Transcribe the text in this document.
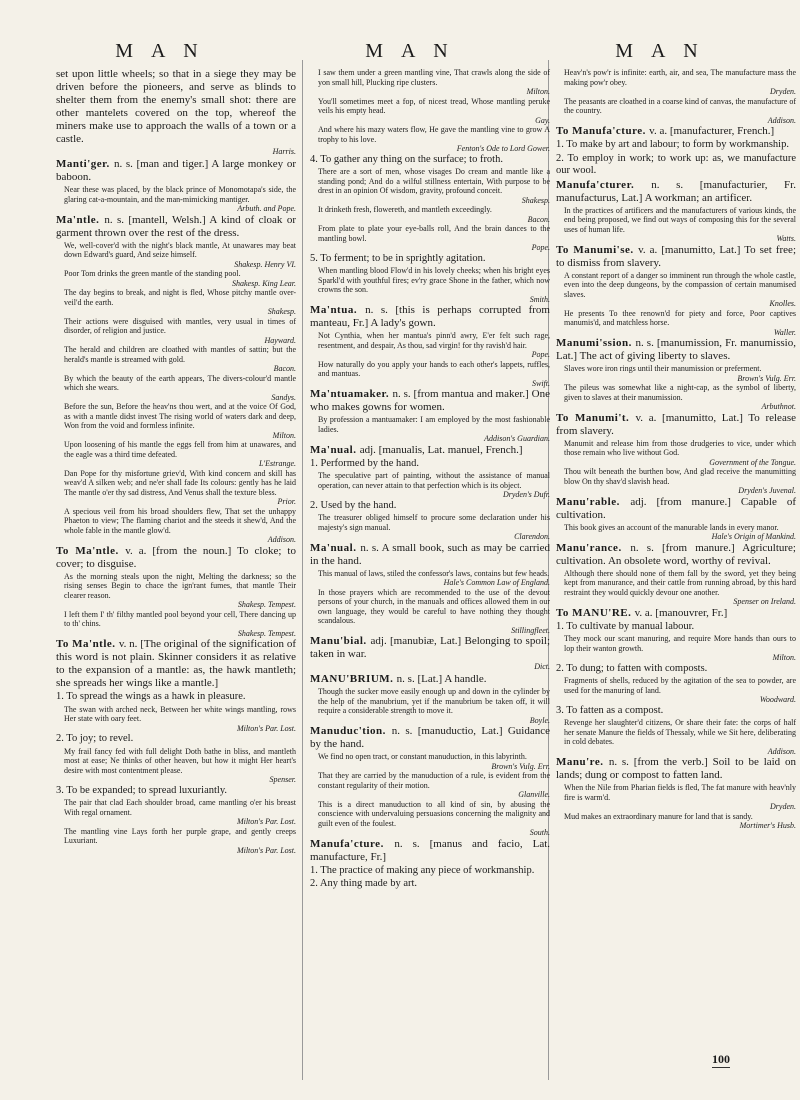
M A N	M A N	M A N
set upon little wheels; so that in a siege they may be driven before the pioneers, and serve as blinds to shelter them from the enemy's small shot: there are other mantelets covered on the top, whereof the miners make use to approach the walls of a town or a castle.
Harris.
Manti'ger. n. s. [man and tiger.] A large monkey or baboon.
Near these was placed, by the black prince of Monomotapa's side, the glaring cat-a-mountain, and the man-mimicking mantiger.
Arbuth. and Pope.
Ma'ntle. n. s. [mantell, Welsh.] A kind of cloak or garment thrown over the rest of the dress.
We, well-cover'd with the night's black mantle, At unawares may beat down Edward's guard, And seize himself.
Shakesp. Henry VI.
Poor Tom drinks the green mantle of the standing pool.
Shakesp. King Lear.
The day begins to break, and night is fled, Whose pitchy mantle over-veil'd the earth.
Shakesp.
Their actions were disguised with mantles, very usual in times of disorder, of religion and justice.
Hayward.
The herald and children are cloathed with mantles of sattin; but the herald's mantle is streamed with gold.
Bacon.
By which the beauty of the earth appears, The divers-colour'd mantle which she wears.
Sandys.
Before the sun, Before the heav'ns thou wert, and at the voice Of God, as with a mantle didst invest The rising world of waters dark and deep, Won from the void and formless infinite.
Milton.
Upon loosening of his mantle the eggs fell from him at unawares, and the eagle was a third time defeated.
L'Estrange.
Dan Pope for thy misfortune griev'd, With kind concern and skill has weav'd A silken web; and ne'er shall fade Its colours: gently has he laid The mantle o'er thy sad distress, And Venus shall the texture bless.
Prior.
A specious veil from his broad shoulders flew, That set the unhappy Phaeton to view; The flaming chariot and the steeds it shew'd, And the whole fable in the mantle glow'd.
Addison.
To Ma'ntle. v. a. [from the noun.] To cloke; to cover; to disguise.
As the morning steals upon the night, Melting the darkness; so the rising senses Begin to chace the ign'rant fumes, that mantle Their clearer reason.
Shakesp. Tempest.
I left them I' th' filthy mantled pool beyond your cell, There dancing up to th' chins.
Shakesp. Tempest.
To Ma'ntle. v. n. [The original of the signification of this word is not plain. Skinner considers it as relative to the expansion of a mantle: as, the hawk mantleth; she spreads her wings like a mantle.]
1. To spread the wings as a hawk in pleasure.
The swan with arched neck, Between her white wings mantling, rows Her state with oary feet.
Milton's Par. Lost.
2. To joy; to revel.
My frail fancy fed with full delight Doth bathe in bliss, and mantleth most at ease; Ne thinks of other heaven, but how it might Her heart's desire with most contentment please.
Spenser.
3. To be expanded; to spread luxuriantly.
The pair that clad Each shoulder broad, came mantling o'er his breast With regal ornament.
Milton's Par. Lost.
The mantling vine Lays forth her purple grape, and gently creeps Luxuriant.
Milton's Par. Lost.
I saw them under a green mantling vine, That crawls along the side of yon small hill, Plucking ripe clusters.
Milton.
You'll sometimes meet a fop, of nicest tread, Whose mantling peruke veils his empty head.
Gay.
And where his mazy waters flow, He gave the mantling vine to grow A trophy to his love.
Fenton's Ode to Lord Gower.
4. To gather any thing on the surface; to froth.
There are a sort of men, whose visages Do cream and mantle like a standing pond; And do a wilful stillness entertain, With purpose to be drest in an opinion Of wisdom, gravity, profound conceit.
Shakesp.
It drinketh fresh, flowereth, and mantleth exceedingly.
Bacon.
From plate to plate your eye-balls roll, And the brain dances to the mantling bowl.
Pope.
5. To ferment; to be in sprightly agitation.
When mantling blood Flow'd in his lovely cheeks; when his bright eyes Sparkl'd with youthful fires; ev'ry grace Shone in the father, which now crowns the son.
Smith.
Ma'ntua. n. s. [this is perhaps corrupted from manteau, Fr.] A lady's gown.
Not Cynthia, when her mantua's pinn'd awry, E'er felt such rage, resentment, and despair, As thou, sad virgin! for thy ravish'd hair.
Pope.
How naturally do you apply your hands to each other's lappets, ruffles, and mantuas.
Swift.
Ma'ntuamaker. n. s. [from mantua and maker.] One who makes gowns for women.
By profession a mantuamaker: I am employed by the most fashionable ladies.
Addison's Guardian.
Ma'nual. adj. [manualis, Lat. manuel, French.]
1. Performed by the hand.
The speculative part of painting, without the assistance of manual operation, can never attain to that perfection which is its object.
Dryden's Dufr.
2. Used by the hand.
The treasurer obliged himself to procure some declaration under his majesty's sign manual.
Clarendon.
Ma'nual. n. s. A small book, such as may be carried in the hand.
This manual of laws, stiled the confessor's laws, contains but few heads.
Hale's Common Law of England.
In those prayers which are recommended to the use of the devout persons of your church, in the manuals and offices allowed them in our own language, they would be careful to have nothing they thought scandalous.
Stillingfleet.
Manu'bial. adj. [manubiæ, Lat.] Belonging to spoil; taken in war.
Dict.
MANU'BRIUM. n. s. [Lat.] A handle.
Though the sucker move easily enough up and down in the cylinder by the help of the manubrium, yet if the manubrium be taken off, it will require a considerable strength to move it.
Boyle.
Manuduc'tion. n. s. [manuductio, Lat.] Guidance by the hand.
We find no open tract, or constant manuduction, in this labyrinth.
Brown's Vulg. Err.
That they are carried by the manuduction of a rule, is evident from the constant regularity of their motion.
Glanville.
This is a direct manuduction to all kind of sin, by abusing the conscience with undervaluing persuasions concerning the malignity and guilt even of the foulest.
South.
Manufa'cture. n. s. [manus and facio, Lat. manufacture, Fr.]
1. The practice of making any piece of workmanship.
2. Any thing made by art.
Heav'n's pow'r is infinite: earth, air, and sea, The manufacture mass the making pow'r obey.
Dryden.
The peasants are cloathed in a coarse kind of canvas, the manufacture of the country.
Addison.
To Manufa'cture. v. a. [manufacturer, French.]
1. To make by art and labour; to form by workmanship.
2. To employ in work; to work up: as, we manufacture our wool.
Manufa'cturer. n. s. [manufacturier, Fr. manufacturus, Lat.] A workman; an artificer.
In the practices of artificers and the manufacturers of various kinds, the end being proposed, we find out ways of composing this for the several uses of human life.
Watts.
To Manumi'se. v. a. [manumitto, Lat.] To set free; to dismiss from slavery.
A constant report of a danger so imminent run through the whole castle, even into the deep dungeons, by the compassion of certain manumised slaves.
Knolles.
He presents To thee renown'd for piety and force, Poor captives manumis'd, and matchless horse.
Waller.
Manumi'ssion. n. s. [manumission, Fr. manumissio, Lat.] The act of giving liberty to slaves.
Slaves wore iron rings until their manumission or preferment.
Brown's Vulg. Err.
The pileus was somewhat like a night-cap, as the symbol of liberty, given to slaves at their manumission.
Arbuthnot.
To Manumi't. v. a. [manumitto, Lat.] To release from slavery.
Manumit and release him from those drudgeries to vice, under which those remain who live without God.
Government of the Tongue.
Thou wilt beneath the burthen bow, And glad receive the manumitting blow On thy shav'd slavish head.
Dryden's Juvenal.
Manu'rable. adj. [from manure.] Capable of cultivation.
This book gives an account of the manurable lands in every manor.
Hale's Origin of Mankind.
Manu'rance. n. s. [from manure.] Agriculture; cultivation. An obsolete word, worthy of revival.
Although there should none of them fall by the sword, yet they being kept from manurance, and their cattle from running abroad, by this hard restraint they would quickly devour one another.
Spenser on Ireland.
To MANU'RE. v. a. [manouvrer, Fr.]
1. To cultivate by manual labour.
They mock our scant manuring, and require More hands than ours to lop their wanton growth.
Milton.
2. To dung; to fatten with composts.
Fragments of shells, reduced by the agitation of the sea to powder, are used for the manuring of land.
Woodward.
3. To fatten as a compost.
Revenge her slaughter'd citizens, Or share their fate: the corps of half her senate Manure the fields of Thessaly, while we Sit here, deliberating in cold debates.
Addison.
Manu're. n. s. [from the verb.] Soil to be laid on lands; dung or compost to fatten land.
When the Nile from Pharian fields is fled, The fat manure with heav'nly fire is warm'd.
Dryden.
Mud makes an extraordinary manure for land that is sandy.
Mortimer's Husb.
100
